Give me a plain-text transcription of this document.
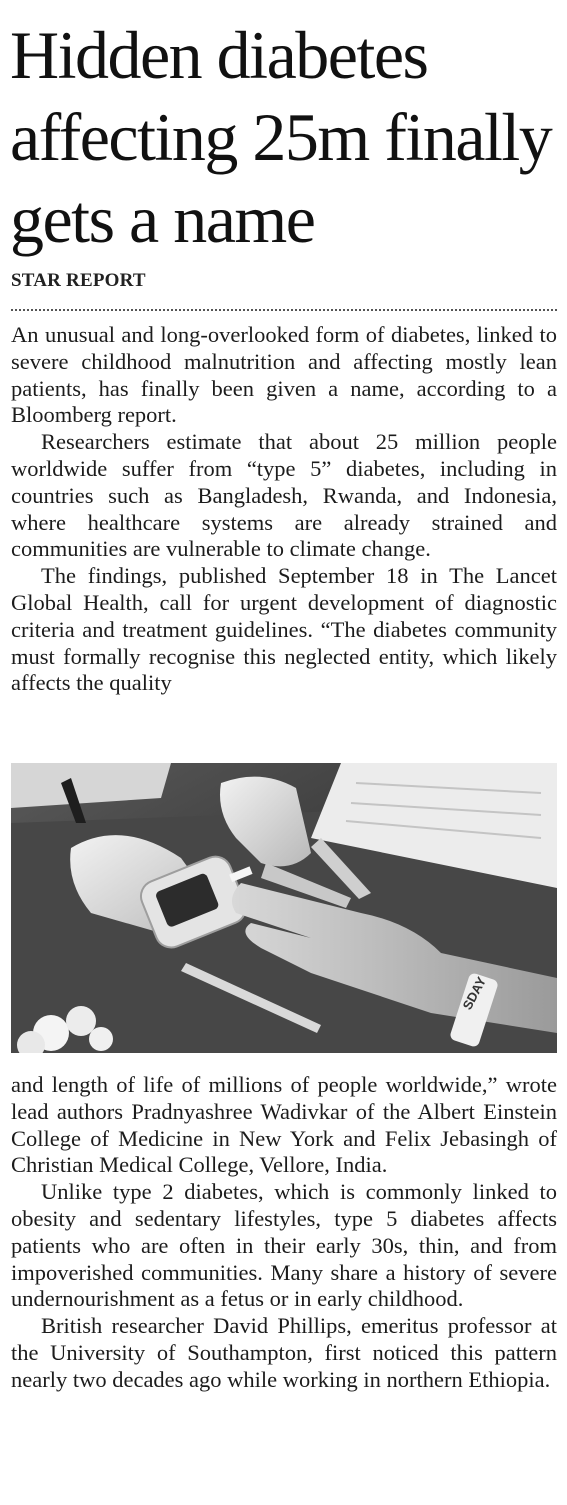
Hidden diabetes affecting 25m finally gets a name

STAR REPORT

An unusual and long-overlooked form of diabetes, linked to severe childhood malnutrition and affecting mostly lean patients, has finally been given a name, according to a Bloomberg report.

Researchers estimate that about 25 million people worldwide suffer from “type 5” diabetes, including in countries such as Bangladesh, Rwanda, and Indonesia, where healthcare systems are already strained and communities are vulnerable to climate change.

The findings, published September 18 in The Lancet Global Health, call for urgent development of diagnostic criteria and treatment guidelines. “The diabetes community must formally recognise this neglected entity, which likely affects the quality

SDAY

and length of life of millions of people worldwide,” wrote lead authors Pradnyashree Wadivkar of the Albert Einstein College of Medicine in New York and Felix Jebasingh of Christian Medical College, Vellore, India.

Unlike type 2 diabetes, which is commonly linked to obesity and sedentary lifestyles, type 5 diabetes affects patients who are often in their early 30s, thin, and from impoverished communities. Many share a history of severe undernourishment as a fetus or in early childhood.

British researcher David Phillips, emeritus professor at the University of Southampton, first noticed this pattern nearly two decades ago while working in northern Ethiopia.
